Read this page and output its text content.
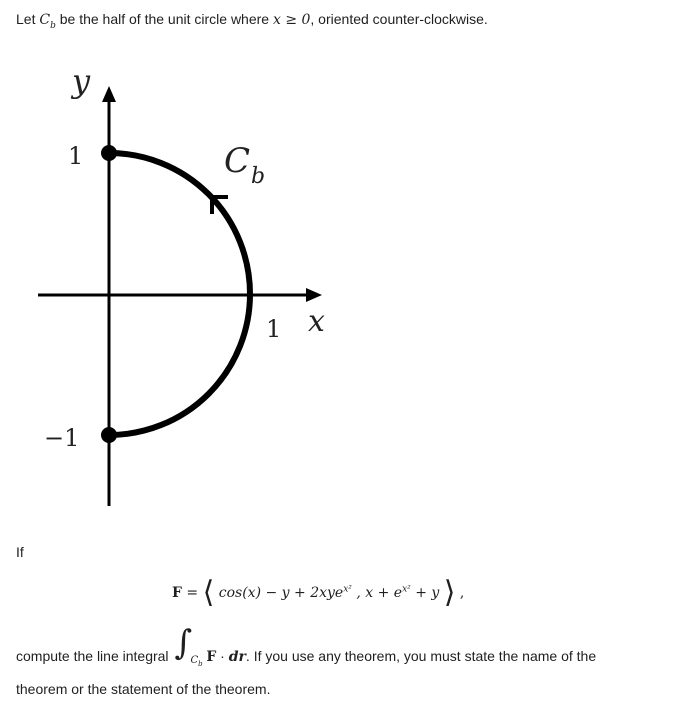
Let $C_b$ be the half of the unit circle where x ≥ 0, oriented counter-clockwise.
y
x
1
−1
1
C b
If
F = ⟨ cos(x) − y + 2xye$^{x^2}$ , $x + e^{x^2} + y$ ⟩ ,
compute the line integral ∫
$C_b$ F · dr. If you use any theorem, you must state the name of the
theorem or the statement of the theorem.
